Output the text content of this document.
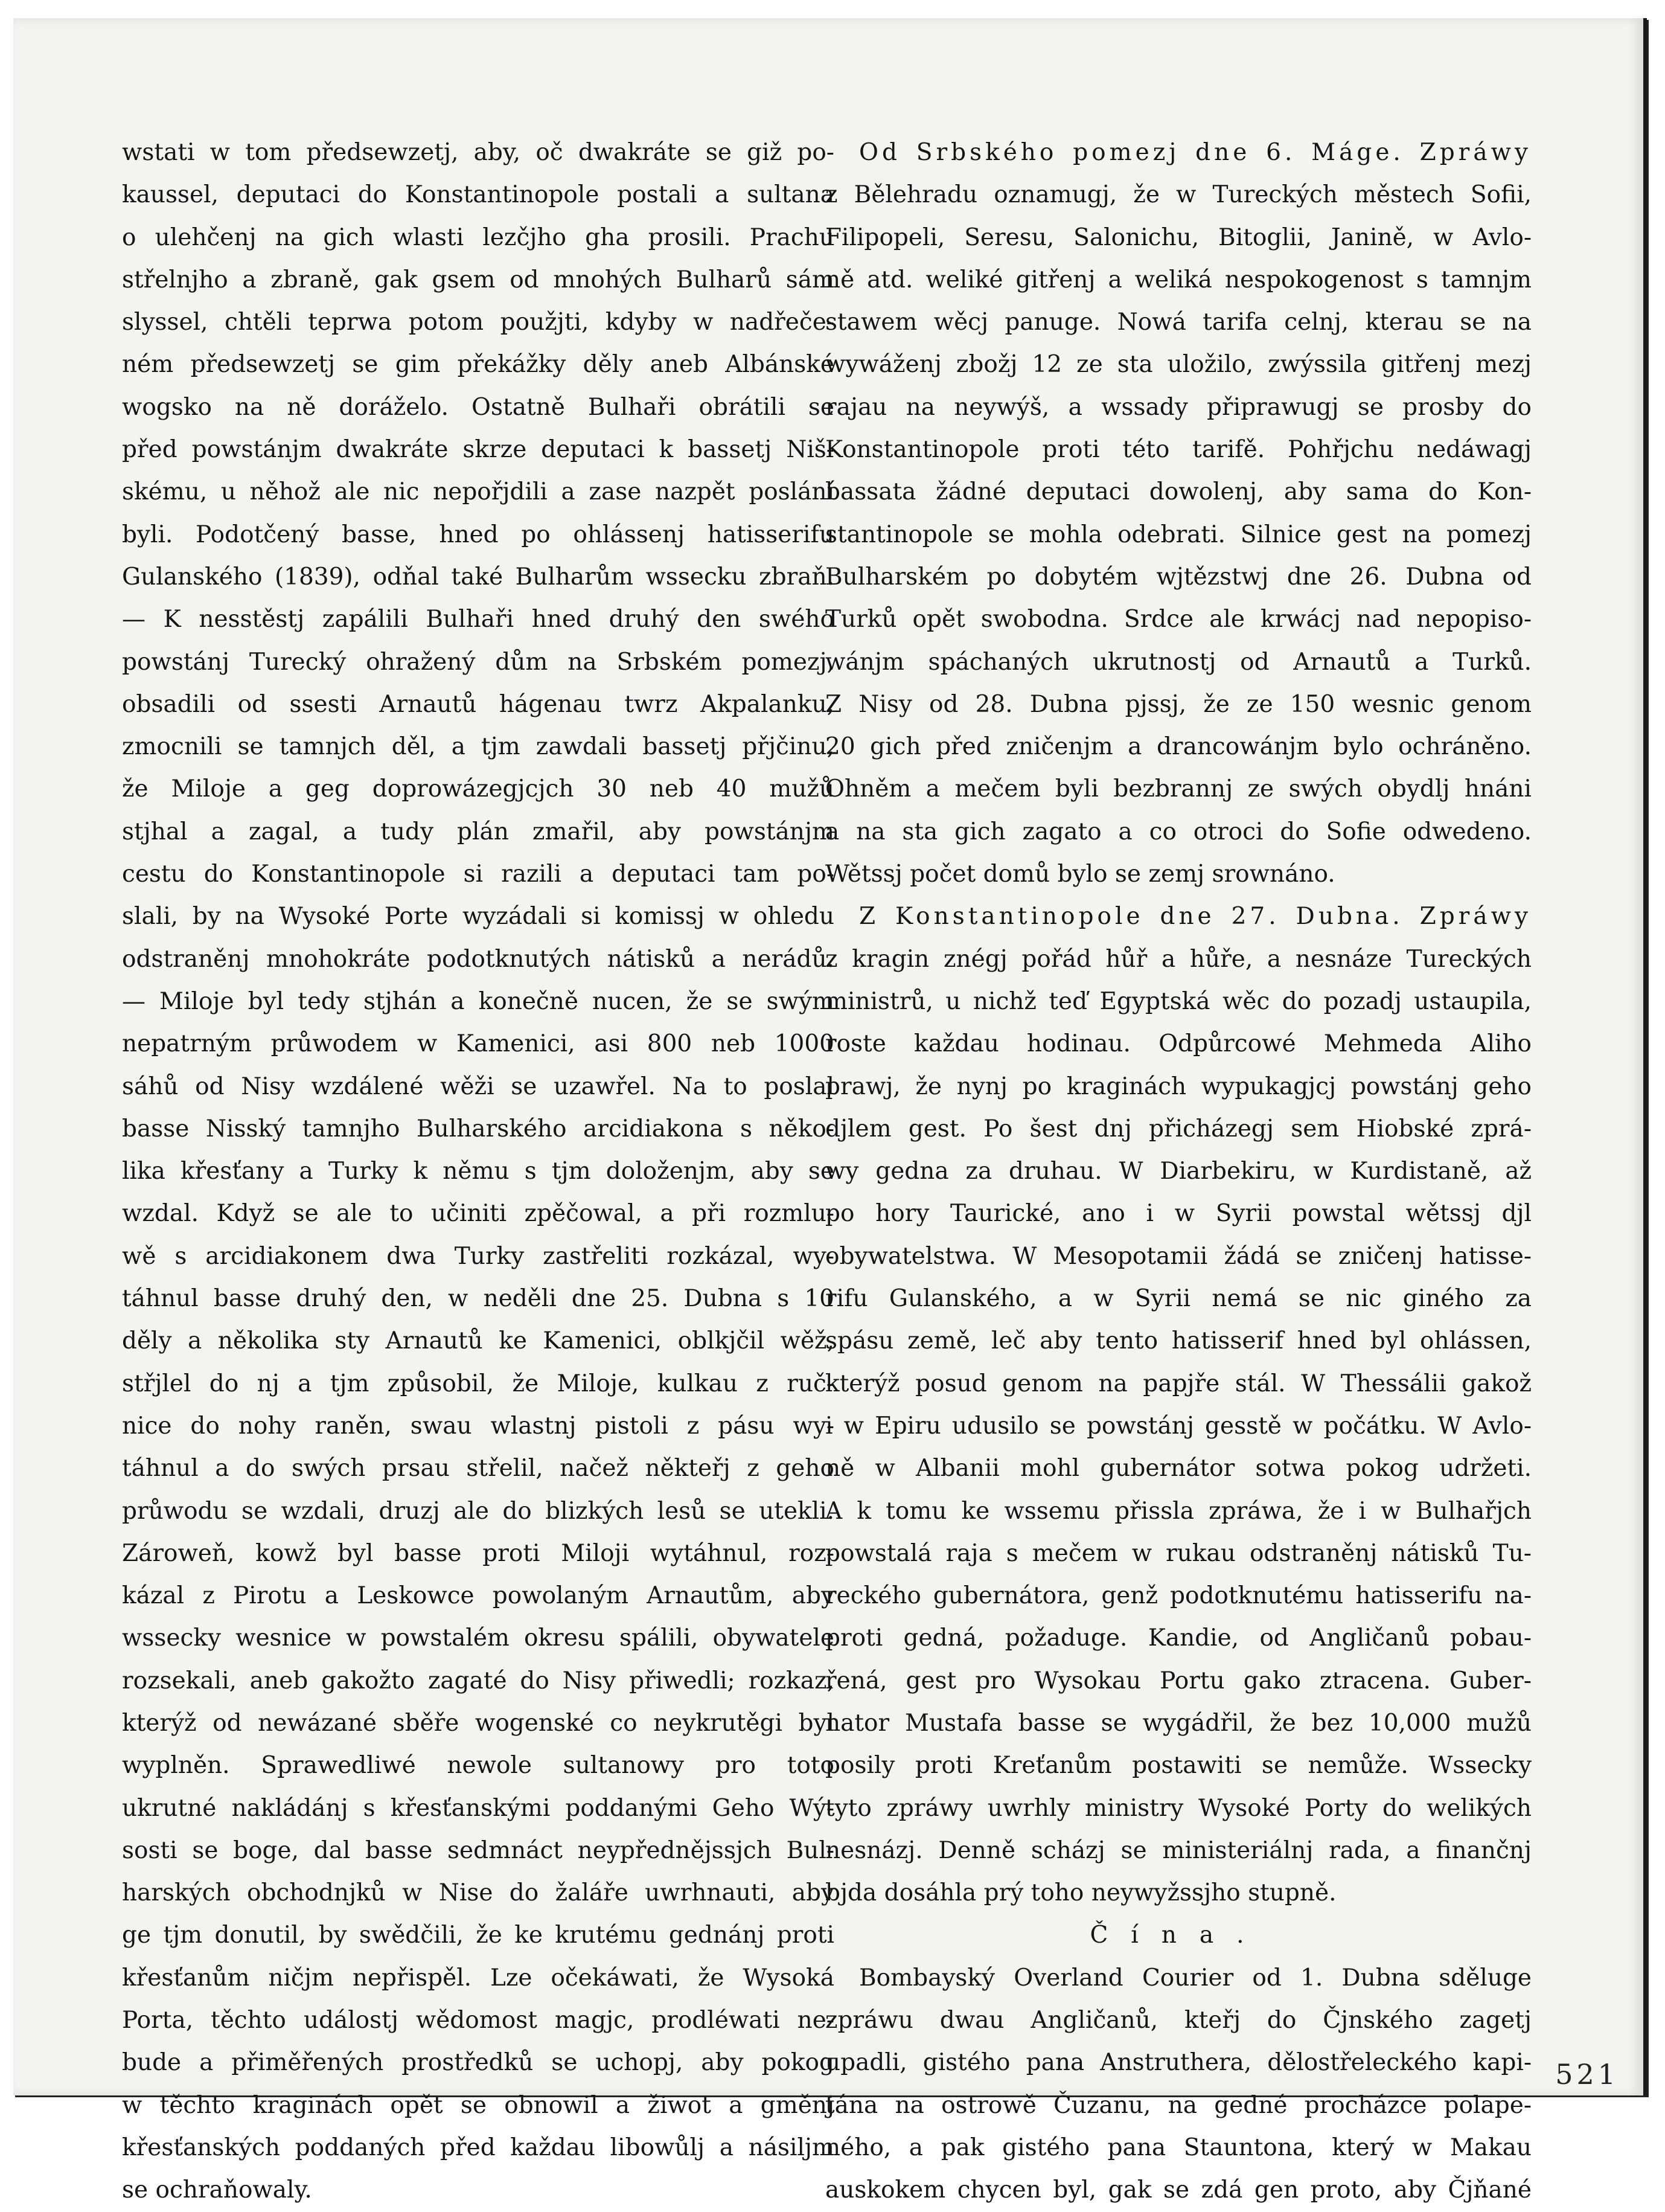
wstati w tom předsewzetj, aby, oč dwakráte se giž po-
kaussel, deputaci do Konstantinopole postali a sultana
o ulehčenj na gich wlasti lezčjho gha prosili. Prachu
střelnjho a zbraně, gak gsem od mnohých Bulharů sám
slyssel, chtěli teprwa potom použjti, kdyby w nadřeče-
ném předsewzetj se gim překážky děly aneb Albánské
wogsko na ně doráželo. Ostatně Bulhaři obrátili se
před powstánjm dwakráte skrze deputaci k bassetj Niš-
skému, u něhož ale nic nepořjdili a zase nazpět poslání
byli. Podotčený basse, hned po ohlássenj hatisserifu
Gulanského (1839), odňal také Bulharům wssecku zbraň.
— K nesstěstj zapálili Bulhaři hned druhý den swého
powstánj Turecký ohražený dům na Srbském pomezj,
obsadili od ssesti Arnautů hágenau twrz Akpalanku,
zmocnili se tamnjch děl, a tjm zawdali bassetj přjčinu,
že Miloje a geg doprowázegjcjch 30 neb 40 mužů
stjhal a zagal, a tudy plán zmařil, aby powstánjm
cestu do Konstantinopole si razili a deputaci tam po-
slali, by na Wysoké Porte wyzádali si komissj w ohledu
odstraněnj mnohokráte podotknutých nátisků a nerádů.
— Miloje byl tedy stjhán a konečně nucen, že se swým
nepatrným průwodem w Kamenici, asi 800 neb 1000
sáhů od Nisy wzdálené wěži se uzawřel. Na to poslal
basse Nisský tamnjho Bulharského arcidiakona s něko-
lika křesťany a Turky k němu s tjm doloženjm, aby se
wzdal. Když se ale to učiniti zpěčowal, a při rozmlu-
wě s arcidiakonem dwa Turky zastřeliti rozkázal, wy-
táhnul basse druhý den, w neděli dne 25. Dubna s 10
děly a několika sty Arnautů ke Kamenici, oblkjčil wěž,
střjlel do nj a tjm způsobil, že Miloje, kulkau z ruč-
nice do nohy raněn, swau wlastnj pistoli z pásu wy-
táhnul a do swých prsau střelil, načež někteřj z geho
průwodu se wzdali, druzj ale do blizkých lesů se utekli.
Zároweň, kowž byl basse proti Miloji wytáhnul, roz-
kázal z Pirotu a Leskowce powolaným Arnautům, aby
wssecky wesnice w powstalém okresu spálili, obywatele
rozsekali, aneb gakožto zagaté do Nisy přiwedli; rozkaz,
kterýž od newázané sběře wogenské co neykrutěgi byl
wyplněn. Sprawedliwé newole sultanowy pro toto
ukrutné nakládánj s křesťanskými poddanými Geho Wý-
sosti se boge, dal basse sedmnáct neypřednějssjch Bul-
harských obchodnjků w Nise do žaláře uwrhnauti, aby
ge tjm donutil, by swědčili, že ke krutému gednánj proti
křesťanům ničjm nepřispěl. Lze očekáwati, že Wysoká
Porta, těchto událostj wědomost magjc, prodléwati ne-
bude a přiměřených prostředků se uchopj, aby pokog
w těchto kraginách opět se obnowil a žiwot a gměnj
křesťanských poddaných před každau libowůlj a násiljm
se ochraňowaly.
Od Srbského pomezj dne 6. Máge. Zpráwy
z Bělehradu oznamugj, že w Tureckých městech Sofii,
Filipopeli, Seresu, Salonichu, Bitoglii, Janině, w Avlo-
ně atd. weliké gitřenj a weliká nespokogenost s tamnjm
stawem wěcj panuge. Nowá tarifa celnj, kterau se na
wywáženj zbožj 12 ze sta uložilo, zwýssila gitřenj mezj
rajau na neywýš, a wssady připrawugj se prosby do
Konstantinopole proti této tarifě. Pohřjchu nedáwagj
bassata žádné deputaci dowolenj, aby sama do Kon-
stantinopole se mohla odebrati. Silnice gest na pomezj
Bulharském po dobytém wjtězstwj dne 26. Dubna od
Turků opět swobodna. Srdce ale krwácj nad nepopiso-
wánjm spáchaných ukrutnostj od Arnautů a Turků.
Z Nisy od 28. Dubna pjssj, že ze 150 wesnic genom
20 gich před zničenjm a drancowánjm bylo ochráněno.
Ohněm a mečem byli bezbrannj ze swých obydlj hnáni
a na sta gich zagato a co otroci do Sofie odwedeno.
Wětssj počet domů bylo se zemj srownáno.
Z Konstantinopole dne 27. Dubna. Zpráwy
z kragin znégj pořád hůř a hůře, a nesnáze Tureckých
ministrů, u nichž teď Egyptská wěc do pozadj ustaupila,
roste každau hodinau. Odpůrcowé Mehmeda Aliho
prawj, že nynj po kraginách wypukagjcj powstánj geho
djlem gest. Po šest dnj přicházegj sem Hiobské zprá-
wy gedna za druhau. W Diarbekiru, w Kurdistaně, až
po hory Taurické, ano i w Syrii powstal wětssj djl
obywatelstwa. W Mesopotamii žádá se zničenj hatisse-
rifu Gulanského, a w Syrii nemá se nic giného za
spásu země, leč aby tento hatisserif hned byl ohlássen,
kterýž posud genom na papjře stál. W Thessálii gakož
i w Epiru udusilo se powstánj gesstě w počátku. W Avlo-
ně w Albanii mohl gubernátor sotwa pokog udržeti.
A k tomu ke wssemu přissla zpráwa, že i w Bulhařjch
powstalá raja s mečem w rukau odstraněnj nátisků Tu-
reckého gubernátora, genž podotknutému hatisserifu na-
proti gedná, požaduge. Kandie, od Angličanů pobau-
řená, gest pro Wysokau Portu gako ztracena. Guber-
nator Mustafa basse se wygádřil, že bez 10,000 mužů
posily proti Kreťanům postawiti se nemůže. Wssecky
tyto zpráwy uwrhly ministry Wysoké Porty do welikých
nesnázj. Denně scházj se ministeriálnj rada, a finančnj
bjda dosáhla prý toho neywyžssjho stupně.
Čína.
Bombayský Overland Courier od 1. Dubna sděluge
zpráwu dwau Angličanů, kteřj do Čjnského zagetj
upadli, gistého pana Anstruthera, dělostřeleckého kapi-
tána na ostrowě Čuzanu, na gedné procházce polape-
ného, a pak gistého pana Stauntona, který w Makau
auskokem chycen byl, gak se zdá gen proto, aby Čjňané
521
